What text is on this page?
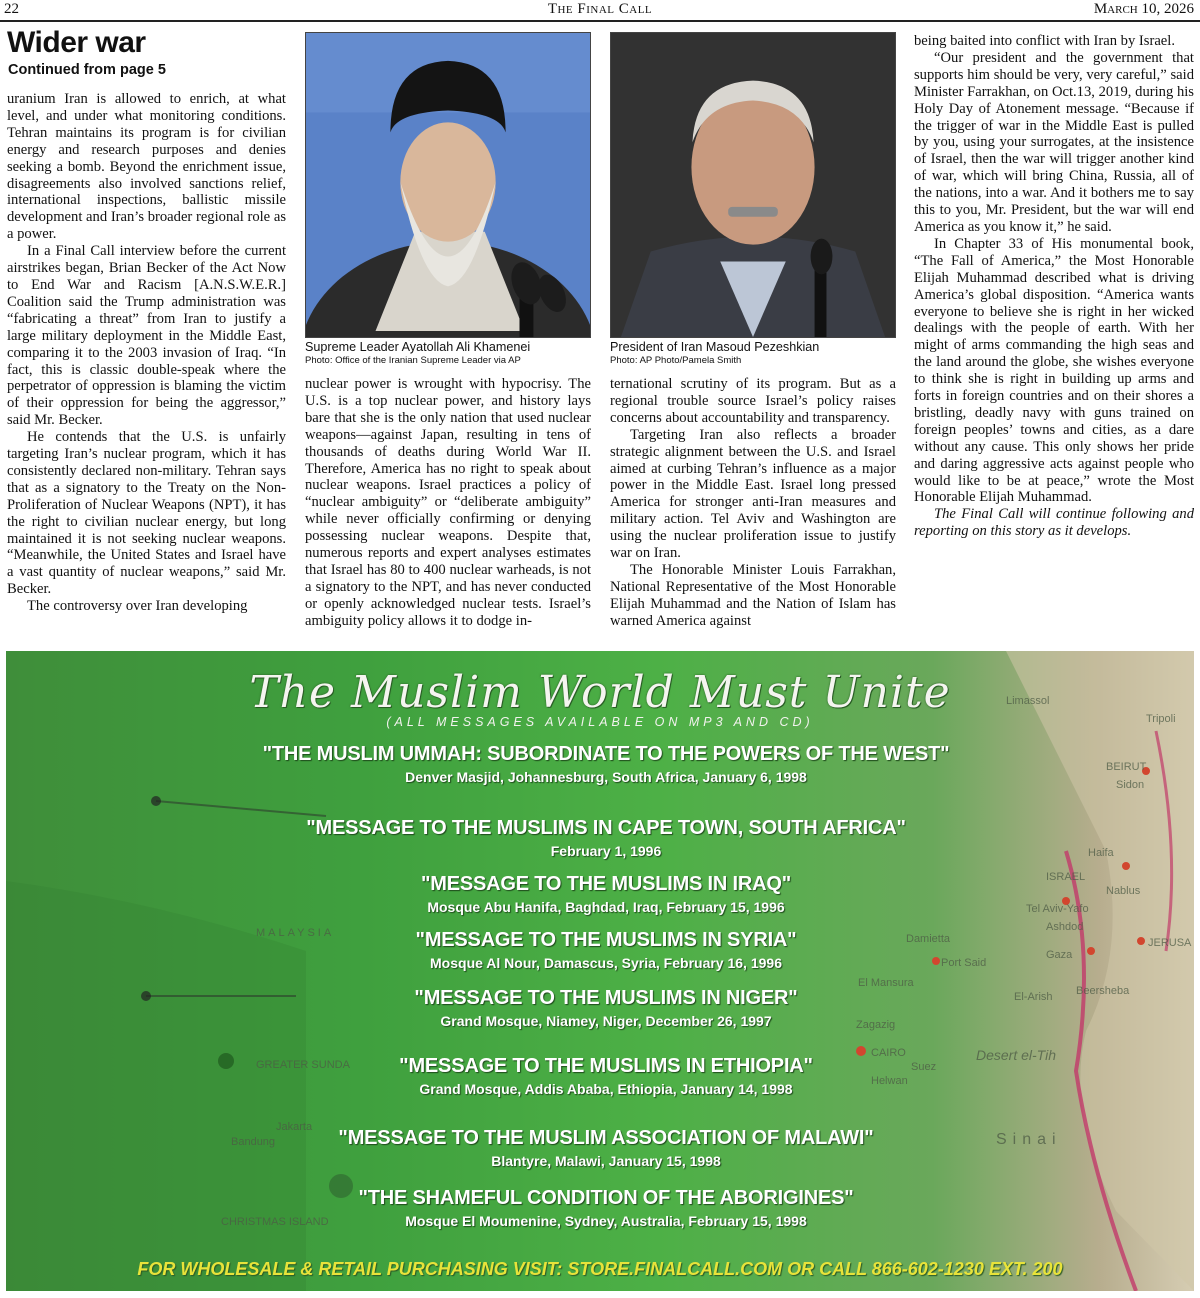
22	The Final Call	March 10, 2026
Wider war
Continued from page 5

uranium Iran is allowed to enrich, at what level, and under what monitoring conditions. Tehran maintains its program is for civilian energy and research purposes and denies seeking a bomb. Beyond the enrichment issue, disagreements also involved sanctions relief, international inspections, ballistic missile development and Iran’s broader regional role as a power.

In a Final Call interview before the current airstrikes began, Brian Becker of the Act Now to End War and Racism [A.N.S.W.E.R.] Coalition said the Trump administration was “fabricating a threat” from Iran to justify a large military deployment in the Middle East, comparing it to the 2003 invasion of Iraq. “In fact, this is classic double-speak where the perpetrator of oppression is blaming the victim of their oppression for being the aggressor,” said Mr. Becker.

He contends that the U.S. is unfairly targeting Iran’s nuclear program, which it has consistently declared non-military. Tehran says that as a signatory to the Treaty on the Non-Proliferation of Nuclear Weapons (NPT), it has the right to civilian nuclear energy, but long maintained it is not seeking nuclear weapons. “Meanwhile, the United States and Israel have a vast quantity of nuclear weapons,” said Mr. Becker.

The controversy over Iran developing

Supreme Leader Ayatollah Ali Khamenei
Photo: Office of the Iranian Supreme Leader via AP
President of Iran Masoud Pezeshkian
Photo: AP Photo/Pamela Smith

nuclear power is wrought with hypocrisy. The U.S. is a top nuclear power, and history lays bare that she is the only nation that used nuclear weapons—against Japan, resulting in tens of thousands of deaths during World War II. Therefore, America has no right to speak about nuclear weapons. Israel practices a policy of “nuclear ambiguity” or “deliberate ambiguity” while never officially confirming or denying possessing nuclear weapons. Despite that, numerous reports and expert analyses estimates that Israel has 80 to 400 nuclear warheads, is not a signatory to the NPT, and has never conducted or openly acknowledged nuclear tests. Israel’s ambiguity policy allows it to dodge in-

ternational scrutiny of its program. But as a regional trouble source Israel’s policy raises concerns about accountability and transparency.

Targeting Iran also reflects a broader strategic alignment between the U.S. and Israel aimed at curbing Tehran’s influence as a major power in the Middle East. Israel long pressed America for stronger anti-Iran measures and military action. Tel Aviv and Washington are using the nuclear proliferation issue to justify war on Iran.

The Honorable Minister Louis Farrakhan, National Representative of the Most Honorable Elijah Muhammad and the Nation of Islam has warned America against

being baited into conflict with Iran by Israel.

“Our president and the government that supports him should be very, very careful,” said Minister Farrakhan, on Oct.13, 2019, during his Holy Day of Atonement message. “Because if the trigger of war in the Middle East is pulled by you, using your surrogates, at the insistence of Israel, then the war will trigger another kind of war, which will bring China, Russia, all of the nations, into a war. And it bothers me to say this to you, Mr. President, but the war will end America as you know it,” he said.

In Chapter 33 of His monumental book, “The Fall of America,” the Most Honorable Elijah Muhammad described what is driving America’s global disposition. “America wants everyone to believe she is right in her wicked dealings with the people of earth. With her might of arms commanding the high seas and the land around the globe, she wishes everyone to think she is right in building up arms and forts in foreign countries and on their shores a bristling, deadly navy with guns trained on foreign peoples’ towns and cities, as a dare without any cause. This only shows her pride and daring aggressive acts against people who would like to be at peace,” wrote the Most Honorable Elijah Muhammad.

The Final Call will continue following and reporting on this story as it develops.

Limassol
Tripoli
BEIRUT
Sidon
Haifa
ISRAEL
Nablus
Tel Aviv-Yafo
Ashdod
JERUSA
Gaza
El-Arish Beersheba
Damietta
Port Said
El Mansura
Zagazig
CAIRO
Suez
Helwan
Sinai
Desert el-Tih
MALAYSIA
Jakarta
Bandung
CHRISTMAS ISLAND
GREATER SUNDA
The Muslim World Must Unite
(ALL MESSAGES AVAILABLE ON MP3 AND CD)
"THE MUSLIM UMMAH: SUBORDINATE TO THE POWERS OF THE WEST"
Denver Masjid, Johannesburg, South Africa, January 6, 1998
"MESSAGE TO THE MUSLIMS IN CAPE TOWN, SOUTH AFRICA"
February 1, 1996
"MESSAGE TO THE MUSLIMS IN IRAQ"
Mosque Abu Hanifa, Baghdad, Iraq, February 15, 1996
"MESSAGE TO THE MUSLIMS IN SYRIA"
Mosque Al Nour, Damascus, Syria, February 16, 1996
"MESSAGE TO THE MUSLIMS IN NIGER"
Grand Mosque, Niamey, Niger, December 26, 1997
"MESSAGE TO THE MUSLIMS IN ETHIOPIA"
Grand Mosque, Addis Ababa, Ethiopia, January 14, 1998
"MESSAGE TO THE MUSLIM ASSOCIATION OF MALAWI"
Blantyre, Malawi, January 15, 1998
"THE SHAMEFUL CONDITION OF THE ABORIGINES"
Mosque El Moumenine, Sydney, Australia, February 15, 1998
FOR WHOLESALE & RETAIL PURCHASING VISIT: STORE.FINALCALL.COM OR CALL 866-602-1230 EXT. 200
